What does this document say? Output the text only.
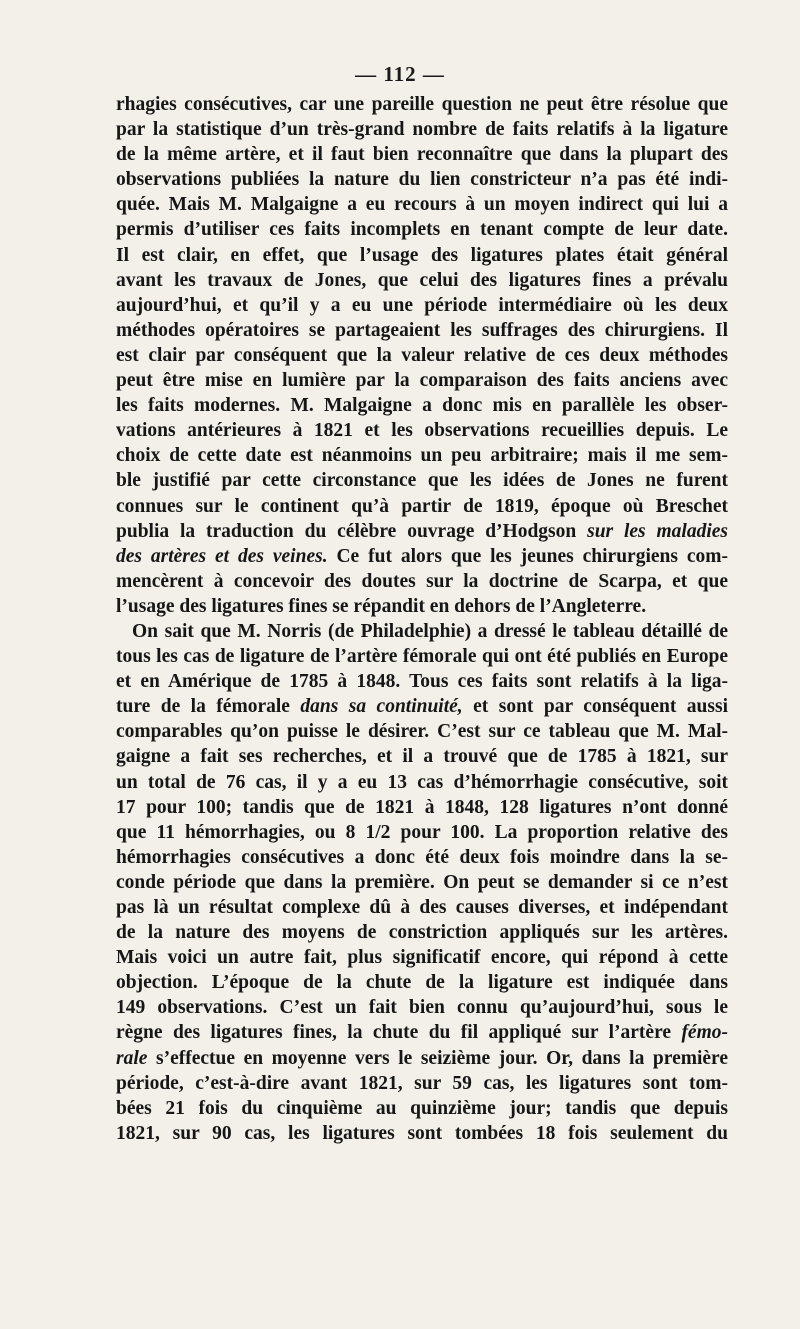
— 112 —

rhagies consécutives, car une pareille question ne peut être résolue que
par la statistique d’un très-grand nombre de faits relatifs à la ligature
de la même artère, et il faut bien reconnaître que dans la plupart des
observations publiées la nature du lien constricteur n’a pas été indi-
quée. Mais M. Malgaigne a eu recours à un moyen indirect qui lui a
permis d’utiliser ces faits incomplets en tenant compte de leur date.
Il est clair, en effet, que l’usage des ligatures plates était général
avant les travaux de Jones, que celui des ligatures fines a prévalu
aujourd’hui, et qu’il y a eu une période intermédiaire où les deux
méthodes opératoires se partageaient les suffrages des chirurgiens. Il
est clair par conséquent que la valeur relative de ces deux méthodes
peut être mise en lumière par la comparaison des faits anciens avec
les faits modernes. M. Malgaigne a donc mis en parallèle les obser-
vations antérieures à 1821 et les observations recueillies depuis. Le
choix de cette date est néanmoins un peu arbitraire; mais il me sem-
ble justifié par cette circonstance que les idées de Jones ne furent
connues sur le continent qu’à partir de 1819, époque où Breschet
publia la traduction du célèbre ouvrage d’Hodgson sur les maladies
des artères et des veines. Ce fut alors que les jeunes chirurgiens com-
mencèrent à concevoir des doutes sur la doctrine de Scarpa, et que
l’usage des ligatures fines se répandit en dehors de l’Angleterre.

On sait que M. Norris (de Philadelphie) a dressé le tableau détaillé de
tous les cas de ligature de l’artère fémorale qui ont été publiés en Europe
et en Amérique de 1785 à 1848. Tous ces faits sont relatifs à la liga-
ture de la fémorale dans sa continuité, et sont par conséquent aussi
comparables qu’on puisse le désirer. C’est sur ce tableau que M. Mal-
gaigne a fait ses recherches, et il a trouvé que de 1785 à 1821, sur
un total de 76 cas, il y a eu 13 cas d’hémorrhagie consécutive, soit
17 pour 100; tandis que de 1821 à 1848, 128 ligatures n’ont donné
que 11 hémorrhagies, ou 8 1/2 pour 100. La proportion relative des
hémorrhagies consécutives a donc été deux fois moindre dans la se-
conde période que dans la première. On peut se demander si ce n’est
pas là un résultat complexe dû à des causes diverses, et indépendant
de la nature des moyens de constriction appliqués sur les artères.
Mais voici un autre fait, plus significatif encore, qui répond à cette
objection. L’époque de la chute de la ligature est indiquée dans
149 observations. C’est un fait bien connu qu’aujourd’hui, sous le
règne des ligatures fines, la chute du fil appliqué sur l’artère fémo-
rale s’effectue en moyenne vers le seizième jour. Or, dans la première
période, c’est-à-dire avant 1821, sur 59 cas, les ligatures sont tom-
bées 21 fois du cinquième au quinzième jour; tandis que depuis
1821, sur 90 cas, les ligatures sont tombées 18 fois seulement du
